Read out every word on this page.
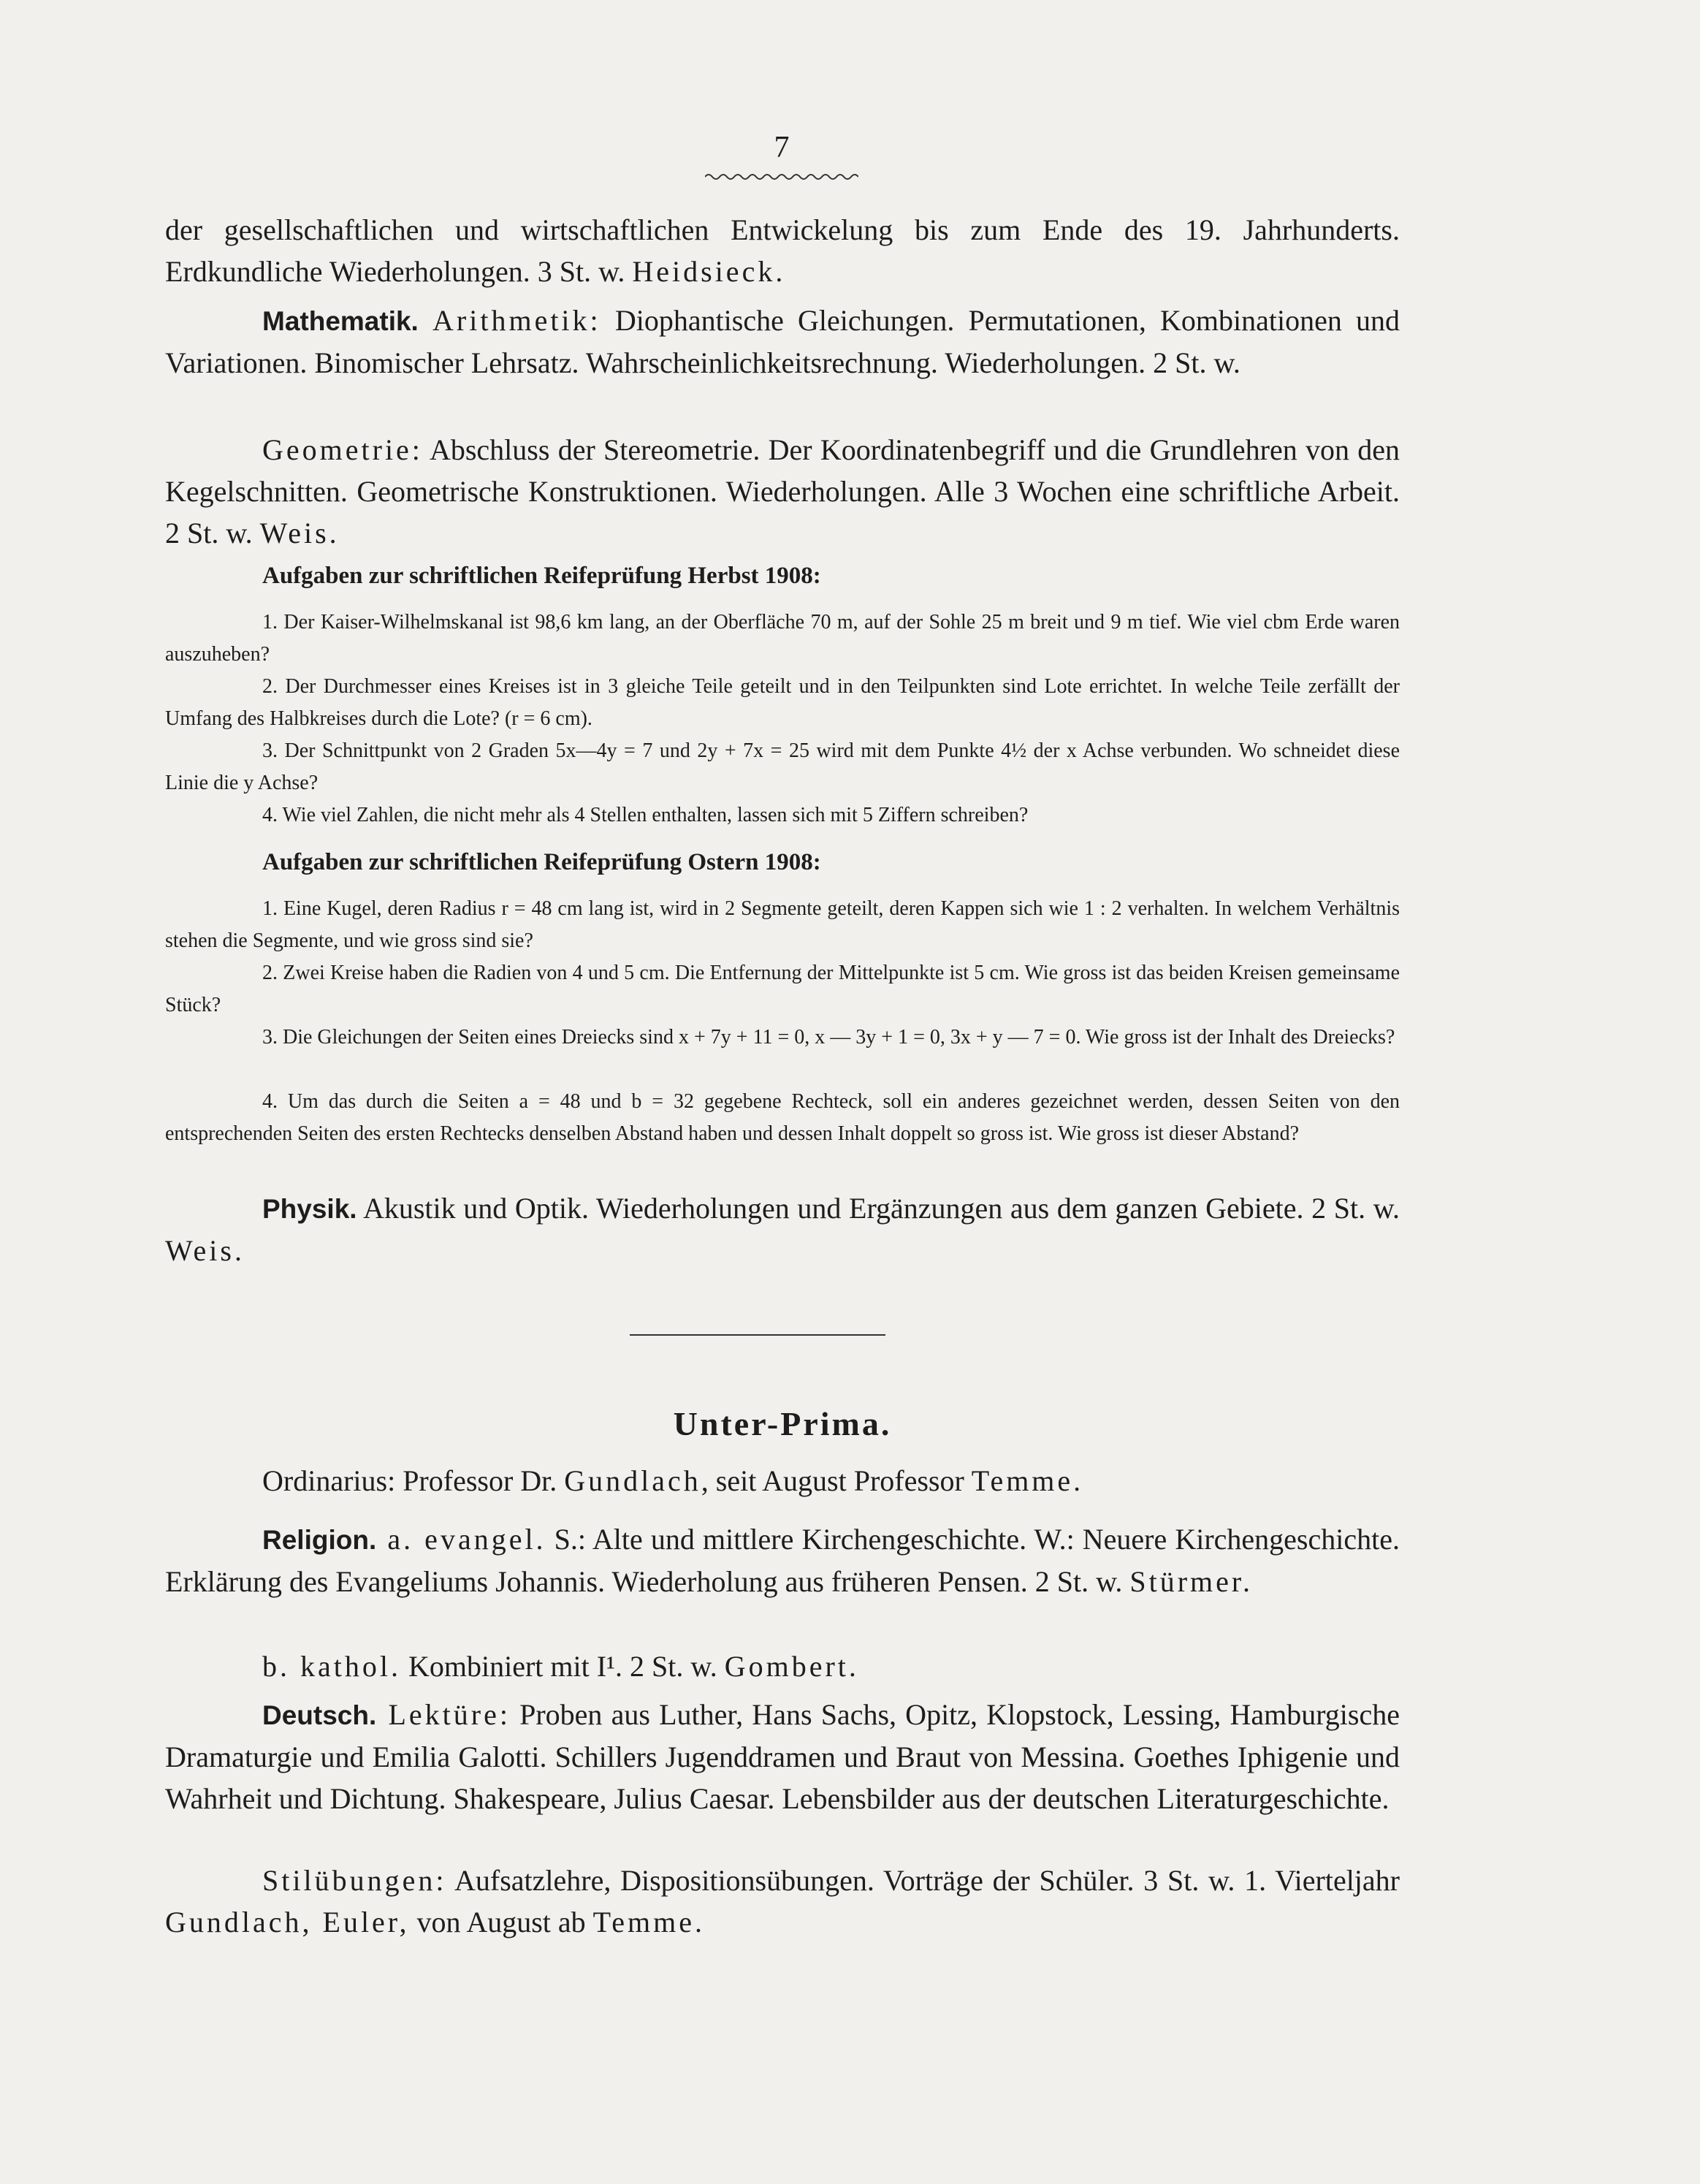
7
der gesellschaftlichen und wirtschaftlichen Entwickelung bis zum Ende des 19. Jahrhunderts. Erdkundliche Wiederholungen. 3 St. w. Heidsieck.
Mathematik. Arithmetik: Diophantische Gleichungen. Permutationen, Kombinationen und Variationen. Binomischer Lehrsatz. Wahrscheinlichkeitsrechnung. Wiederholungen. 2 St. w.
Geometrie: Abschluss der Stereometrie. Der Koordinatenbegriff und die Grundlehren von den Kegelschnitten. Geometrische Konstruktionen. Wiederholungen. Alle 3 Wochen eine schriftliche Arbeit. 2 St. w. Weis.
Aufgaben zur schriftlichen Reifeprüfung Herbst 1908:
1. Der Kaiser-Wilhelmskanal ist 98,6 km lang, an der Oberfläche 70 m, auf der Sohle 25 m breit und 9 m tief. Wie viel cbm Erde waren auszuheben?
2. Der Durchmesser eines Kreises ist in 3 gleiche Teile geteilt und in den Teilpunkten sind Lote errichtet. In welche Teile zerfällt der Umfang des Halbkreises durch die Lote? (r = 6 cm).
3. Der Schnittpunkt von 2 Graden 5x—4y = 7 und 2y + 7x = 25 wird mit dem Punkte 4½ der x Achse verbunden. Wo schneidet diese Linie die y Achse?
4. Wie viel Zahlen, die nicht mehr als 4 Stellen enthalten, lassen sich mit 5 Ziffern schreiben?
Aufgaben zur schriftlichen Reifeprüfung Ostern 1908:
1. Eine Kugel, deren Radius r = 48 cm lang ist, wird in 2 Segmente geteilt, deren Kappen sich wie 1 : 2 verhalten. In welchem Verhältnis stehen die Segmente, und wie gross sind sie?
2. Zwei Kreise haben die Radien von 4 und 5 cm. Die Entfernung der Mittelpunkte ist 5 cm. Wie gross ist das beiden Kreisen gemeinsame Stück?
3. Die Gleichungen der Seiten eines Dreiecks sind x + 7y + 11 = 0, x — 3y + 1 = 0, 3x + y — 7 = 0. Wie gross ist der Inhalt des Dreiecks?
4. Um das durch die Seiten a = 48 und b = 32 gegebene Rechteck, soll ein anderes gezeichnet werden, dessen Seiten von den entsprechenden Seiten des ersten Rechtecks denselben Abstand haben und dessen Inhalt doppelt so gross ist. Wie gross ist dieser Abstand?
Physik. Akustik und Optik. Wiederholungen und Ergänzungen aus dem ganzen Gebiete. 2 St. w. Weis.
Unter-Prima.
Ordinarius: Professor Dr. Gundlach, seit August Professor Temme.
Religion. a. evangel. S.: Alte und mittlere Kirchengeschichte. W.: Neuere Kirchengeschichte. Erklärung des Evangeliums Johannis. Wiederholung aus früheren Pensen. 2 St. w. Stürmer.
b. kathol. Kombiniert mit I¹. 2 St. w. Gombert.
Deutsch. Lektüre: Proben aus Luther, Hans Sachs, Opitz, Klopstock, Lessing, Hamburgische Dramaturgie und Emilia Galotti. Schillers Jugenddramen und Braut von Messina. Goethes Iphigenie und Wahrheit und Dichtung. Shakespeare, Julius Caesar. Lebensbilder aus der deutschen Literaturgeschichte.
Stilübungen: Aufsatzlehre, Dispositionsübungen. Vorträge der Schüler. 3 St. w. 1. Vierteljahr Gundlach, Euler, von August ab Temme.
